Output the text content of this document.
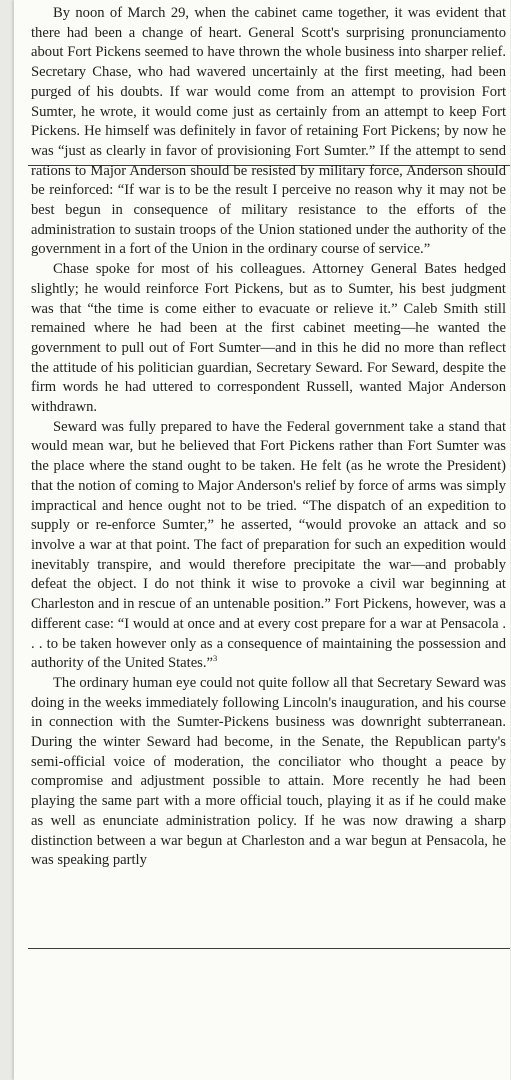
By noon of March 29, when the cabinet came together, it was evident that there had been a change of heart. General Scott's surprising pronunciamento about Fort Pickens seemed to have thrown the whole business into sharper relief. Secretary Chase, who had wavered uncertainly at the first meeting, had been purged of his doubts. If war would come from an attempt to provision Fort Sumter, he wrote, it would come just as certainly from an attempt to keep Fort Pickens. He himself was definitely in favor of retaining Fort Pickens; by now he was “just as clearly in favor of provisioning Fort Sumter.” If the attempt to send rations to Major Anderson should be resisted by military force, Anderson should be reinforced: “If war is to be the result I perceive no reason why it may not be best begun in consequence of military resistance to the efforts of the administration to sustain troops of the Union stationed under the authority of the government in a fort of the Union in the ordinary course of service.”

Chase spoke for most of his colleagues. Attorney General Bates hedged slightly; he would reinforce Fort Pickens, but as to Sumter, his best judgment was that “the time is come either to evacuate or relieve it.” Caleb Smith still remained where he had been at the first cabinet meeting—he wanted the government to pull out of Fort Sumter—and in this he did no more than reflect the attitude of his politician guardian, Secretary Seward. For Seward, despite the firm words he had uttered to correspondent Russell, wanted Major Anderson withdrawn.

Seward was fully prepared to have the Federal government take a stand that would mean war, but he believed that Fort Pickens rather than Fort Sumter was the place where the stand ought to be taken. He felt (as he wrote the President) that the notion of coming to Major Anderson's relief by force of arms was simply impractical and hence ought not to be tried. “The dispatch of an expedition to supply or re-enforce Sumter,” he asserted, “would provoke an attack and so involve a war at that point. The fact of preparation for such an expedition would inevitably transpire, and would therefore precipitate the war—and probably defeat the object. I do not think it wise to provoke a civil war beginning at Charleston and in rescue of an untenable position.” Fort Pickens, however, was a different case: “I would at once and at every cost prepare for a war at Pensacola . . . to be taken however only as a consequence of maintaining the possession and authority of the United States.”$^3$

The ordinary human eye could not quite follow all that Secretary Seward was doing in the weeks immediately following Lincoln's inauguration, and his course in connection with the Sumter-Pickens business was downright subterranean. During the winter Seward had become, in the Senate, the Republican party's semi-official voice of moderation, the conciliator who thought a peace by compromise and adjustment possible to attain. More recently he had been playing the same part with a more official touch, playing it as if he could make as well as enunciate administration policy. If he was now drawing a sharp distinction between a war begun at Charleston and a war begun at Pensacola, he was speaking partly
